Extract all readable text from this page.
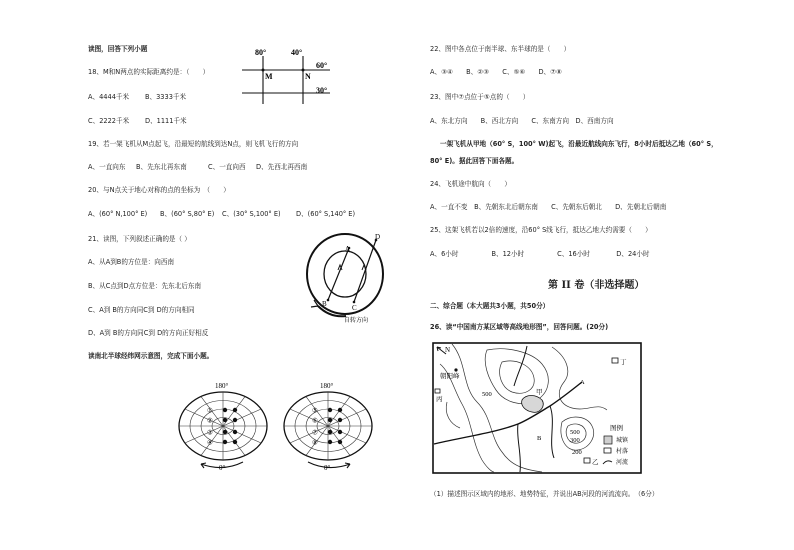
读图，回答下列小题	80°	40°
60°
30°
M	N
18、M和N两点的实际距离约是：（　　）
A、4444千米 B、3333千米
C、2222千米 D、1111千米
19、若一架飞机从M点起飞，沿最短的航线到达N点，则飞机飞行的方向
A、一直向东 B、先东北再东南	C、一直向西 D、先西北再西南
20、与N点关于地心对称的点的坐标为　（　　）
A、(60° N,100° E) B、(60° S,80° E) C、(30° S,100° E) D、(60° S,140° E)
21、读图，下列叙述正确的是（ ）
A、从A到B的方位是：向西南
B、从C点到D点方位是：先东北后东南
C、A到 B的方向同C到 D的方向相同
D、A到 B的方向同C到 D的方向正好相反
A
D
B	C
自转方向
读南北半球经纬网示意图，完成下面小题。
180°
0°
①
②
③
④
180°
0°
⑤
⑥
⑦
⑧
22、图中各点位于南半球、东半球的是（　　）
A、③④　　B、②③　　C、⑤⑥　　D、⑦⑧
23、图中⑦点位于⑤点的（　　）
A、东北方向　　B、西北方向　　C、东南方向　D、西南方向
一架飞机从甲地（60° S，100° W)起飞，沿最近航线向东飞行，8小时后抵达乙地（60° S，
80° E)。据此回答下面各题。
24、飞机途中航向（　　）
A、一直不变　B、先朝东北后朝东南　　C、先朝东后朝北　　D、先朝北后朝南
25、这架飞机若以2倍的速度，沿60° S线飞行，抵达乙地大约需要（　　）
A、6小时　　　　　B、12小时　　　　　C、16小时　　　　D、24小时
第 II 卷（非选择题）
二、综合题（本大题共3小题，共50分）
26、读“中国南方某区域等高线地形图”，回答问题。(20分)
N
朝阳峰
丙
丁
甲
乙
A
B
500
500
300
200
图例
城镇
村落
河流
（1）描述图示区域内的地形、地势特征，并说出AB河段的河流流向。　（6分）
